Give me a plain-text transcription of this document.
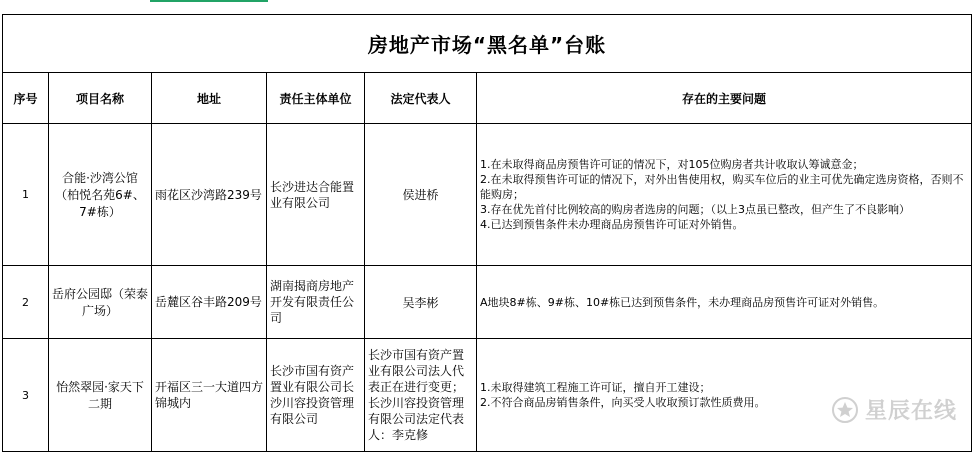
房地产市场“黑名单”台账					
序号	项目名称	地址	责任主体单位	法定代表人	存在的主要问题
1	合能·沙湾公馆（柏悦名苑6#、7#栋）	雨花区沙湾路239号	长沙进达合能置业有限公司	侯进桥	1.在未取得商品房预售许可证的情况下，对105位购房者共计收取认筹诚意金；
2.在未取得预售许可证的情况下，对外出售使用权，购买车位后的业主可优先确定选房资格，否则不能购房；
3.存在优先首付比例较高的购房者选房的问题；（以上3点虽已整改，但产生了不良影响）
4.已达到预售条件未办理商品房预售许可证对外销售。

2	岳府公园邸（荣泰广场）	岳麓区谷丰路209号	湖南揭商房地产开发有限责任公司	吴李彬	A地块8#栋、9#栋、10#栋已达到预售条件，未办理商品房预售许可证对外销售。

3	怡然翠园·家天下二期	开福区三一大道四方锦城内	长沙市国有资产置业有限公司长沙川容投资管理有限公司	长沙市国有资产置业有限公司法人代表正在进行变更；长沙川容投资管理有限公司法定代表人：李克修	1.未取得建筑工程施工许可证，擅自开工建设；
2.不符合商品房销售条件，向买受人收取预订款性质费用。	星辰在线
